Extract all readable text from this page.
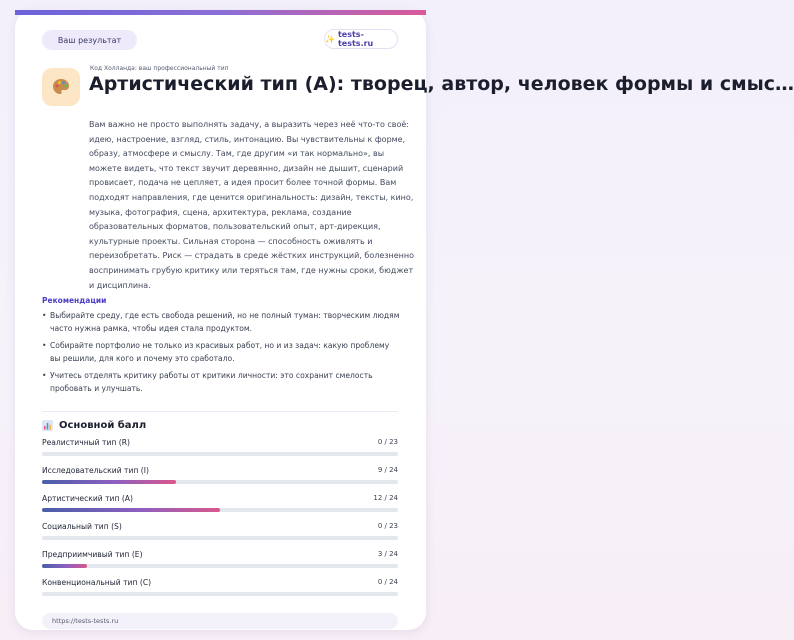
Ваш результат	✨ tests-tests.ru
Код Холланда: ваш профессиональный тип
Артистический тип (А): творец, автор, человек формы и смыс…
Вам важно не просто выполнять задачу, а выразить через неё что-то своё: идею, настроение, взгляд, стиль, интонацию. Вы чувствительны к форме, образу, атмосфере и смыслу. Там, где другим «и так нормально», вы можете видеть, что текст звучит деревянно, дизайн не дышит, сценарий провисает, подача не цепляет, а идея просит более точной формы. Вам подходят направления, где ценится оригинальность: дизайн, тексты, кино, музыка, фотография, сцена, архитектура, реклама, создание образовательных форматов, пользовательский опыт, арт-дирекция, культурные проекты. Сильная сторона — способность оживлять и переизобретать. Риск — страдать в среде жёстких инструкций, болезненно воспринимать грубую критику или теряться там, где нужны сроки, бюджет и дисциплина.
Рекомендации
• Выбирайте среду, где есть свобода решений, но не полный туман: творческим людям часто нужна рамка, чтобы идея стала продуктом.
• Собирайте портфолио не только из красивых работ, но и из задач: какую проблему вы решили, для кого и почему это сработало.
• Учитесь отделять критику работы от критики личности: это сохранит смелость пробовать и улучшать.
Основной балл
Реалистичный тип (R)	0 / 23
Исследовательский тип (I)	9 / 24
Артистический тип (А)	12 / 24
Социальный тип (S)	0 / 23
Предприимчивый тип (E)	3 / 24
Конвенциональный тип (C)	0 / 24
https://tests-tests.ru
